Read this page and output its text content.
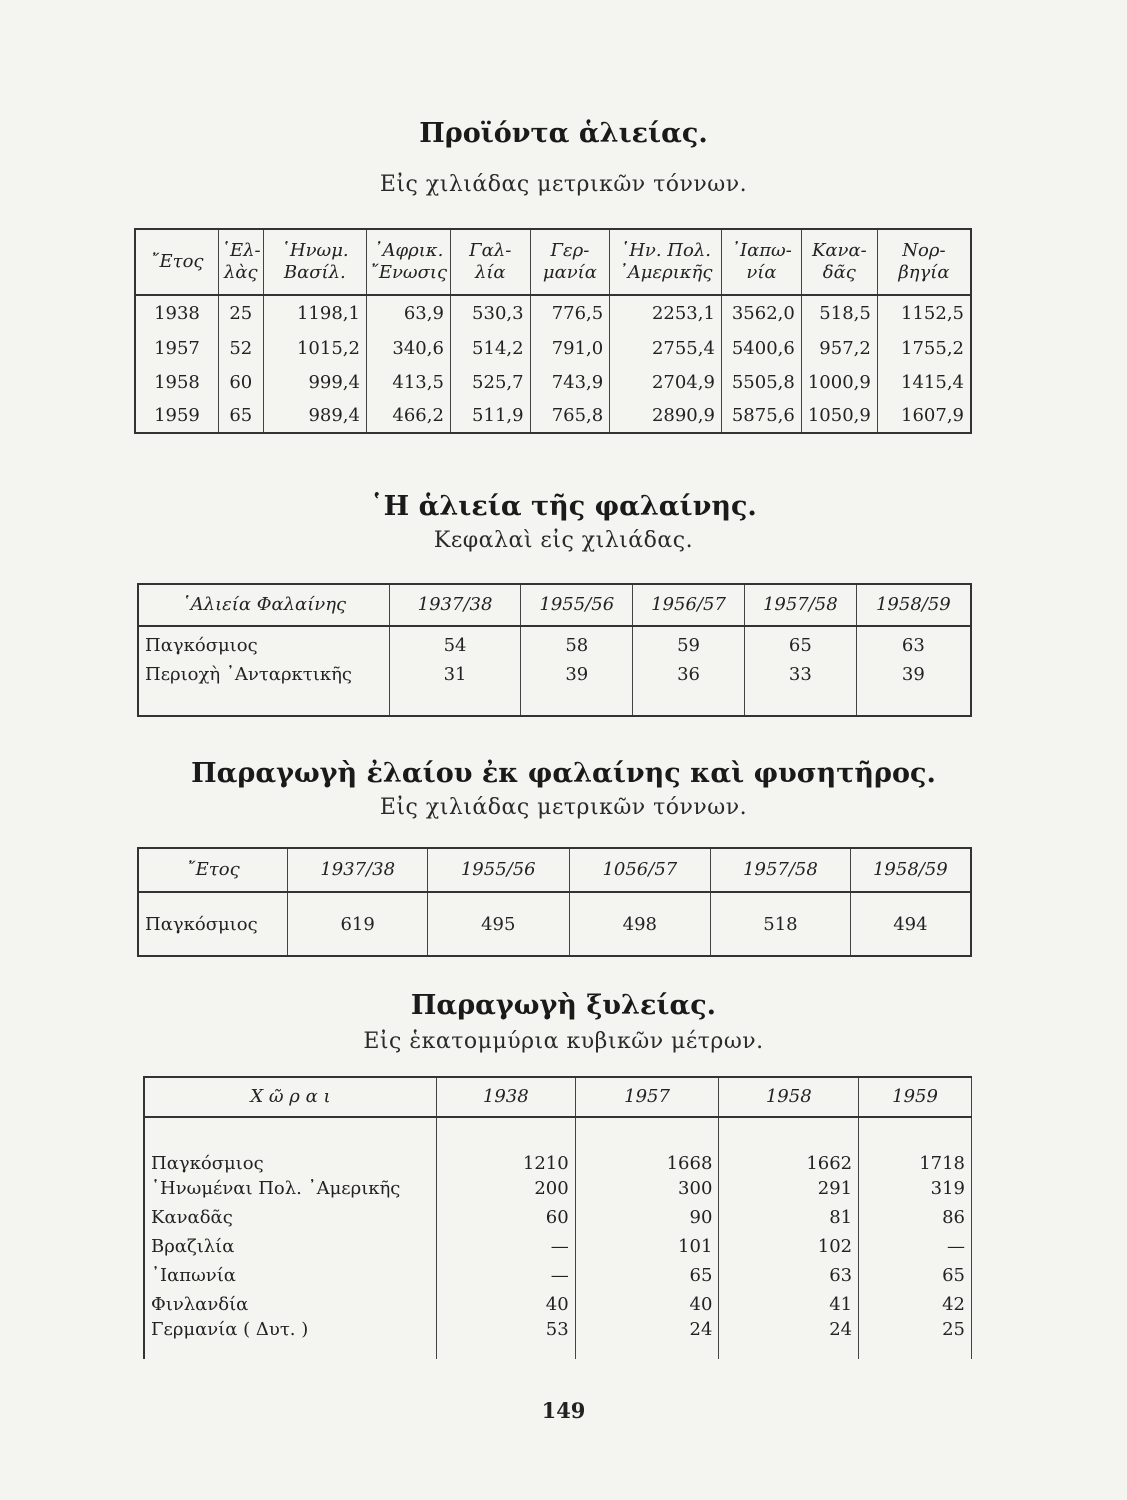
Προϊόντα ἁλιείας.
Εἰς χιλιάδας μετρικῶν τόννων.
῎Ετος	῾Ελ- λὰς	῾Ηνωμ. Βασίλ.	᾿Αφρικ. ῎Ενωσις	Γαλ- λία	Γερ- μανία	῾Ην. Πολ. ᾿Αμερικῆς	᾿Ιαπω- νία	Κανα- δᾶς	Νορ- βηγία
1938	25	1198,1	63,9	530,3	776,5	2253,1	3562,0	518,5	1152,5
1957	52	1015,2	340,6	514,2	791,0	2755,4	5400,6	957,2	1755,2
1958	60	999,4	413,5	525,7	743,9	2704,9	5505,8	1000,9	1415,4
1959	65	989,4	466,2	511,9	765,8	2890,9	5875,6	1050,9	1607,9
῾Η ἁλιεία τῆς φαλαίνης.
Κεφαλαὶ εἰς χιλιάδας.
῾Αλιεία Φαλαίνης	1937/38	1955/56	1956/57	1957/58	1958/59
Παγκόσμιος	54	58	59	65	63
Περιοχὴ ᾿Ανταρκτικῆς	31	39	36	33	39
Παραγωγὴ ἐλαίου ἐκ φαλαίνης καὶ φυσητῆρος.
Εἰς χιλιάδας μετρικῶν τόννων.
῎Ετος	1937/38	1955/56	1056/57	1957/58	1958/59
Παγκόσμιος	619	495	498	518	494
Παραγωγὴ ξυλείας.
Εἰς ἑκατομμύρια κυβικῶν μέτρων.
Χ ῶ ρ α ι	1938	1957	1958	1959
Παγκόσμιος	1210	1668	1662	1718
῾Ηνωμέναι Πολ. ᾿Αμερικῆς	200	300	291	319
Καναδᾶς	60	90	81	86
Βραζιλία	—	101	102	—
᾿Ιαπωνία	—	65	63	65
Φινλανδία	40	40	41	42
Γερμανία ( Δυτ. )	53	24	24	25
149
